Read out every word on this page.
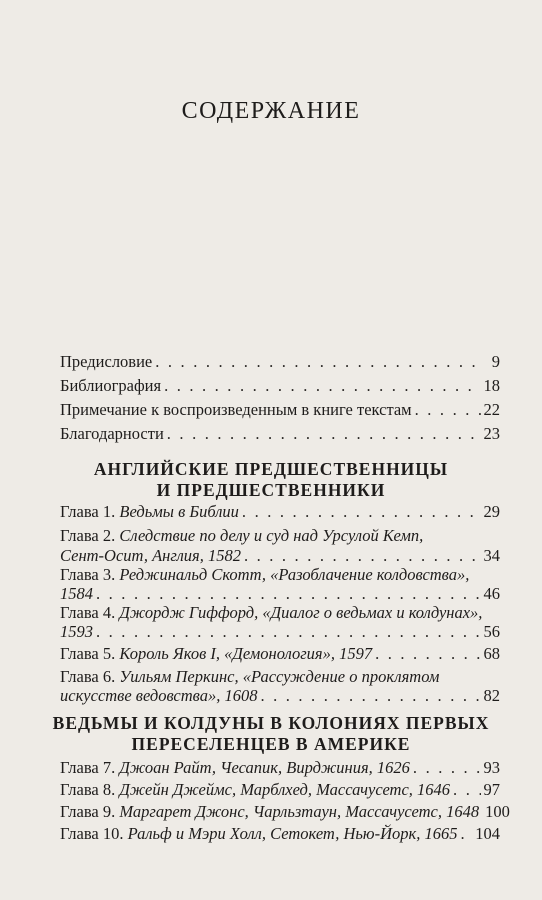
СОДЕРЖАНИЕ
Предисловие . . .	9
Библиография . . .	18
Примечание к воспроизведенным в книге текстам . . .	22
Благодарности . . .	23
АНГЛИЙСКИЕ ПРЕДШЕСТВЕННИЦЫ
И ПРЕДШЕСТВЕННИКИ
Глава 1. Ведьмы в Библии . . .	29
Глава 2. Следствие по делу и суд над Урсулой Кемп,
Сент-Осит, Англия, 1582 . . .	34
Глава 3. Реджинальд Скотт, «Разоблачение колдовства»,
1584 . . .	46
Глава 4. Джордж Гиффорд, «Диалог о ведьмах и колдунах»,
1593 . . .	56
Глава 5. Король Яков I, «Демонология», 1597 . . .	68
Глава 6. Уильям Перкинс, «Рассуждение о проклятом
искусстве ведовства», 1608 . . .	82
ВЕДЬМЫ И КОЛДУНЫ В КОЛОНИЯХ ПЕРВЫХ
ПЕРЕСЕЛЕНЦЕВ В АМЕРИКЕ
Глава 7. Джоан Райт, Чесапик, Вирджиния, 1626 . . .	93
Глава 8. Джейн Джеймс, Марблхед, Массачусетс, 1646 . . . 97
Глава 9. Маргарет Джонс, Чарльзтаун, Массачусетс, 1648 100
Глава 10. Ральф и Мэри Холл, Сетокет, Нью-Йорк, 1665 . . . 104
